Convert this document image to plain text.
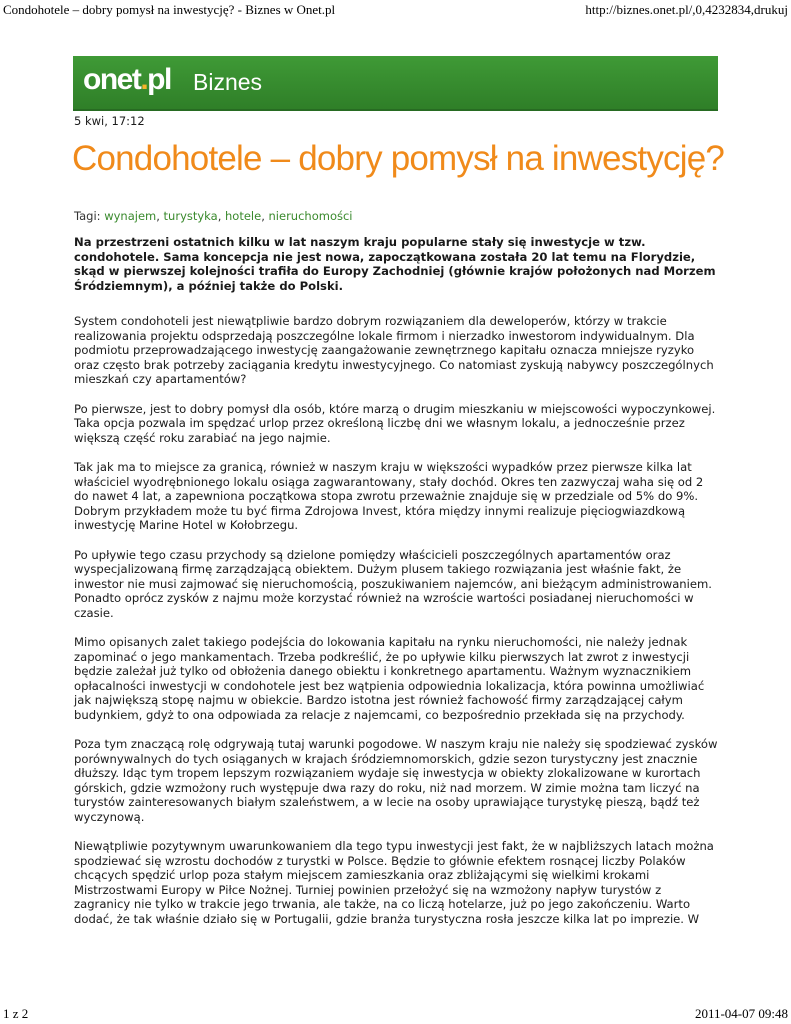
Condohotele – dobry pomysł na inwestycję? - Biznes w Onet.pl	http://biznes.onet.pl/,0,4232834,drukuj
onet.pl Biznes
5 kwi, 17:12
Condohotele – dobry pomysł na inwestycję?
Tagi: wynajem, turystyka, hotele, nieruchomości

Na przestrzeni ostatnich kilku w lat naszym kraju popularne stały się inwestycje w tzw. condohotele. Sama koncepcja nie jest nowa, zapoczątkowana została 20 lat temu na Florydzie, skąd w pierwszej kolejności trafiła do Europy Zachodniej (głównie krajów położonych nad Morzem Śródziemnym), a później także do Polski.

System condohoteli jest niewątpliwie bardzo dobrym rozwiązaniem dla deweloperów, którzy w trakcie realizowania projektu odsprzedają poszczególne lokale firmom i nierzadko inwestorom indywidualnym. Dla podmiotu przeprowadzającego inwestycję zaangażowanie zewnętrznego kapitału oznacza mniejsze ryzyko oraz często brak potrzeby zaciągania kredytu inwestycyjnego. Co natomiast zyskują nabywcy poszczególnych mieszkań czy apartamentów?

Po pierwsze, jest to dobry pomysł dla osób, które marzą o drugim mieszkaniu w miejscowości wypoczynkowej. Taka opcja pozwala im spędzać urlop przez określoną liczbę dni we własnym lokalu, a jednocześnie przez większą część roku zarabiać na jego najmie.

Tak jak ma to miejsce za granicą, również w naszym kraju w większości wypadków przez pierwsze kilka lat właściciel wyodrębnionego lokalu osiąga zagwarantowany, stały dochód. Okres ten zazwyczaj waha się od 2 do nawet 4 lat, a zapewniona początkowa stopa zwrotu przeważnie znajduje się w przedziale od 5% do 9%. Dobrym przykładem może tu być firma Zdrojowa Invest, która między innymi realizuje pięciogwiazdkową inwestycję Marine Hotel w Kołobrzegu.

Po upływie tego czasu przychody są dzielone pomiędzy właścicieli poszczególnych apartamentów oraz wyspecjalizowaną firmę zarządzającą obiektem. Dużym plusem takiego rozwiązania jest właśnie fakt, że inwestor nie musi zajmować się nieruchomością, poszukiwaniem najemców, ani bieżącym administrowaniem. Ponadto oprócz zysków z najmu może korzystać również na wzroście wartości posiadanej nieruchomości w czasie.

Mimo opisanych zalet takiego podejścia do lokowania kapitału na rynku nieruchomości, nie należy jednak zapominać o jego mankamentach. Trzeba podkreślić, że po upływie kilku pierwszych lat zwrot z inwestycji będzie zależał już tylko od obłożenia danego obiektu i konkretnego apartamentu. Ważnym wyznacznikiem opłacalności inwestycji w condohotele jest bez wątpienia odpowiednia lokalizacja, która powinna umożliwiać jak największą stopę najmu w obiekcie. Bardzo istotna jest również fachowość firmy zarządzającej całym budynkiem, gdyż to ona odpowiada za relacje z najemcami, co bezpośrednio przekłada się na przychody.

Poza tym znaczącą rolę odgrywają tutaj warunki pogodowe. W naszym kraju nie należy się spodziewać zysków porównywalnych do tych osiąganych w krajach śródziemnomorskich, gdzie sezon turystyczny jest znacznie dłuższy. Idąc tym tropem lepszym rozwiązaniem wydaje się inwestycja w obiekty zlokalizowane w kurortach górskich, gdzie wzmożony ruch występuje dwa razy do roku, niż nad morzem. W zimie można tam liczyć na turystów zainteresowanych białym szaleństwem, a w lecie na osoby uprawiające turystykę pieszą, bądź też wyczynową.

Niewątpliwie pozytywnym uwarunkowaniem dla tego typu inwestycji jest fakt, że w najbliższych latach można spodziewać się wzrostu dochodów z turystki w Polsce. Będzie to głównie efektem rosnącej liczby Polaków chcących spędzić urlop poza stałym miejscem zamieszkania oraz zbliżającymi się wielkimi krokami Mistrzostwami Europy w Piłce Nożnej. Turniej powinien przełożyć się na wzmożony napływ turystów z zagranicy nie tylko w trakcie jego trwania, ale także, na co liczą hotelarze, już po jego zakończeniu. Warto dodać, że tak właśnie działo się w Portugalii, gdzie branża turystyczna rosła jeszcze kilka lat po imprezie. W

1 z 2	2011-04-07 09:48
